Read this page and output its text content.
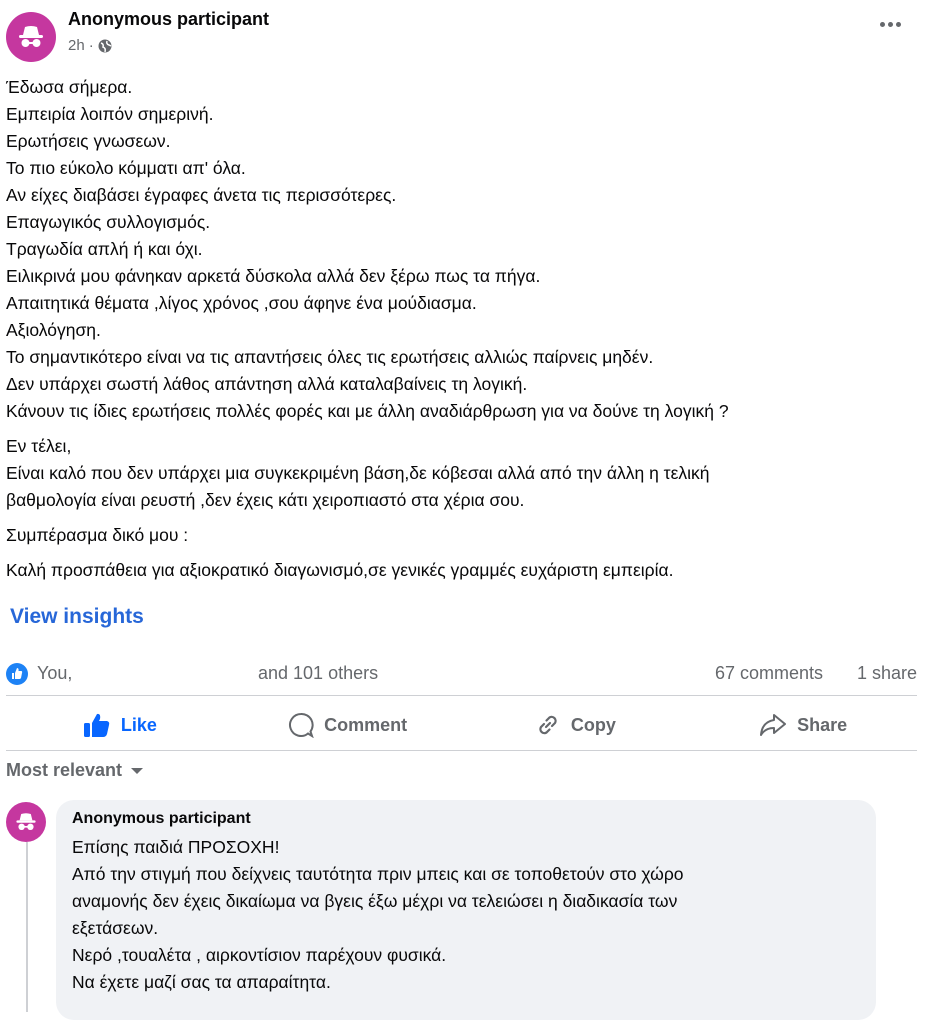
Anonymous participant
2h ·

Έδωσα σήμερα.
Εμπειρία λοιπόν σημερινή.
Ερωτήσεις γνωσεων.
Το πιο εύκολο κόμματι απ' όλα.
Αν είχες διαβάσει έγραφες άνετα τις περισσότερες.
Επαγωγικός συλλογισμός.
Τραγωδία απλή ή και όχι.
Ειλικρινά μου φάνηκαν αρκετά δύσκολα αλλά δεν ξέρω πως τα πήγα.
Απαιτητικά θέματα ,λίγος χρόνος ,σου άφηνε ένα μούδιασμα.
Αξιολόγηση.
Το σημαντικότερο είναι να τις απαντήσεις όλες τις ερωτήσεις αλλιώς παίρνεις μηδέν.
Δεν υπάρχει σωστή λάθος απάντηση αλλά καταλαβαίνεις τη λογική.
Κάνουν τις ίδιες ερωτήσεις πολλές φορές και με άλλη αναδιάρθρωση για να δούνε τη λογική ?

Εν τέλει,
Είναι καλό που δεν υπάρχει μια συγκεκριμένη βάση,δε κόβεσαι αλλά από την άλλη η τελική
βαθμολογία είναι ρευστή ,δεν έχεις κάτι χειροπιαστό στα χέρια σου.

Συμπέρασμα δικό μου :

Καλή προσπάθεια για αξιοκρατικό διαγωνισμό,σε γενικές γραμμές ευχάριστη εμπειρία.

View insights
You,	and 101 others	67 comments 1 share
Like	Comment	Copy	Share
Most relevant
Anonymous participant
Επίσης παιδιά ΠΡΟΣΟΧΗ!
Από την στιγμή που δείχνεις ταυτότητα πριν μπεις και σε τοποθετούν στο χώρο
αναμονής δεν έχεις δικαίωμα να βγεις έξω μέχρι να τελειώσει η διαδικασία των
εξετάσεων.
Νερό ,τουαλέτα , αιρκοντίσιον παρέχουν φυσικά.
Να έχετε μαζί σας τα απαραίτητα.
